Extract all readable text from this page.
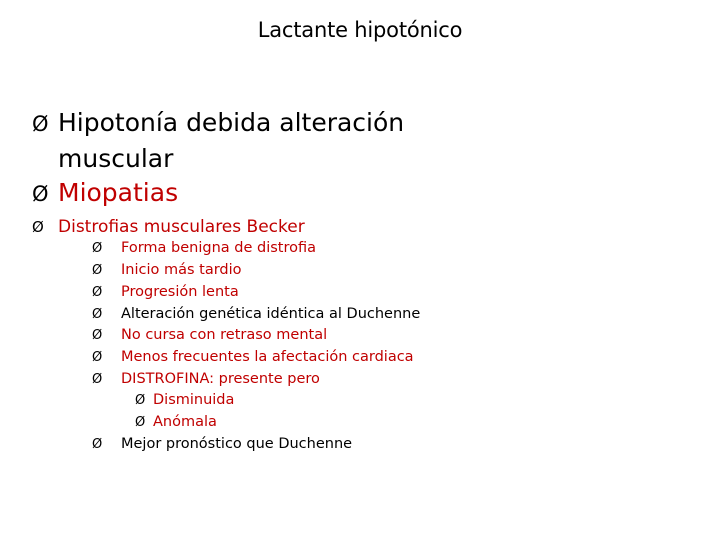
Lactante hipotónico
Ø Hipotonía debida alteración
muscular
Ø Miopatias
Ø Distrofias musculares Becker
Ø	Forma benigna de distrofia
Ø	Inicio más tardio
Ø	Progresión lenta
Ø	Alteración genética idéntica al Duchenne
Ø	No cursa con retraso mental
Ø	Menos frecuentes la afectación cardiaca
Ø	DISTROFINA: presente pero
Ø Disminuida
Ø Anómala
Ø	Mejor pronóstico que Duchenne
